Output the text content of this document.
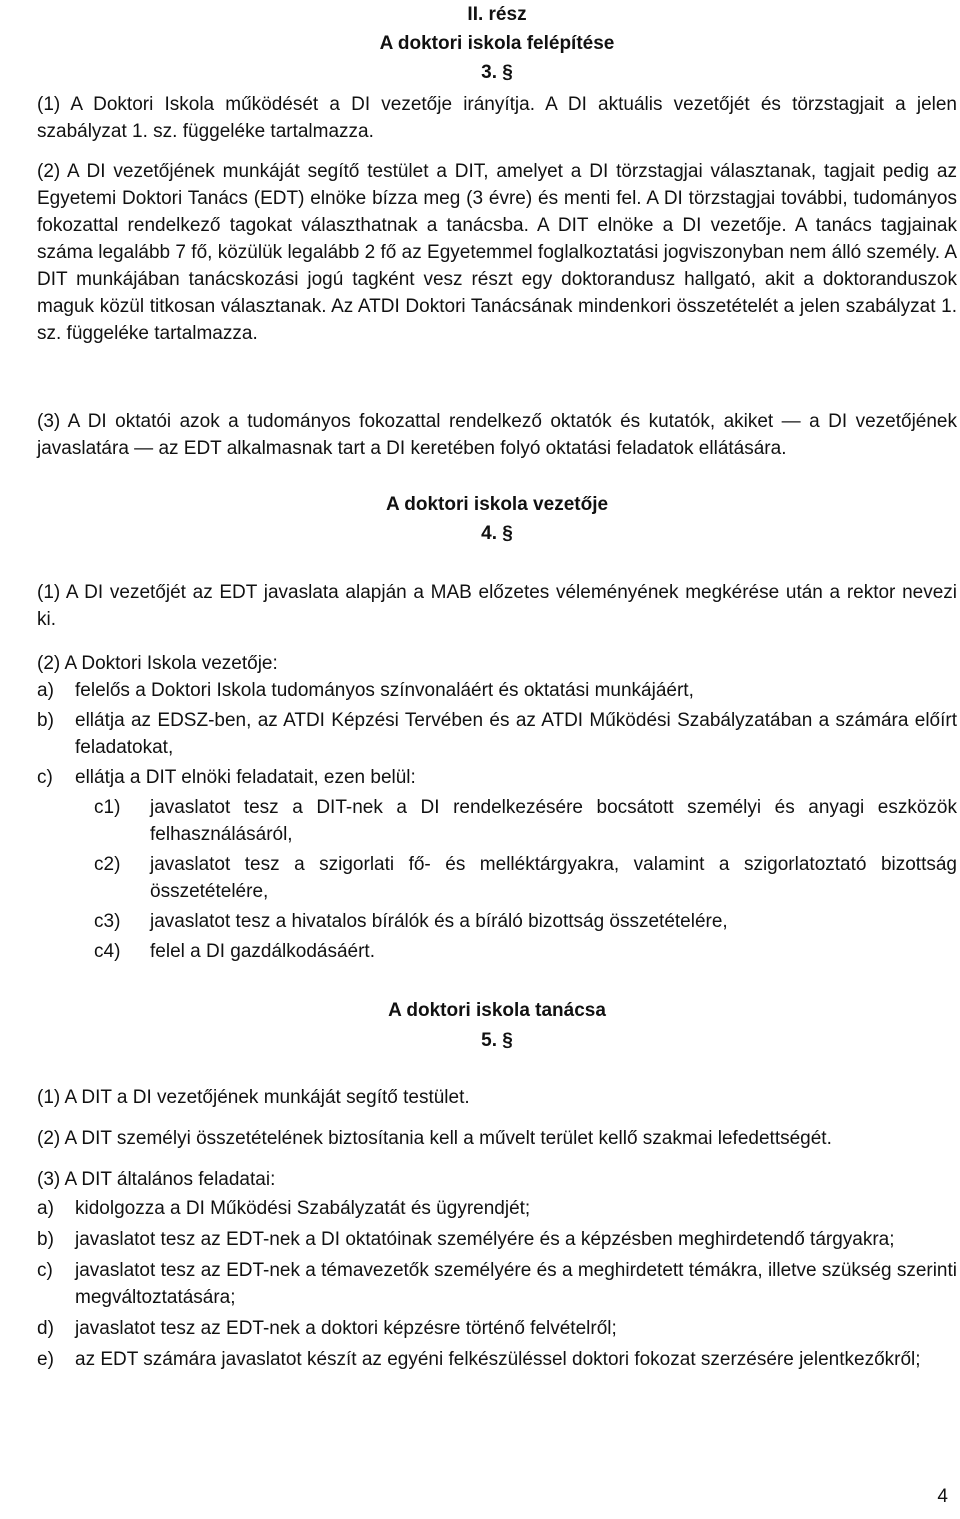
II. rész
A doktori iskola felépítése
3. §

(1) A Doktori Iskola működését a DI vezetője irányítja. A DI aktuális vezetőjét és törzstagjait a jelen szabályzat 1. sz. függeléke tartalmazza.

(2) A DI vezetőjének munkáját segítő testület a DIT, amelyet a DI törzstagjai választanak, tagjait pedig az Egyetemi Doktori Tanács (EDT) elnöke bízza meg (3 évre) és menti fel. A DI törzstagjai további, tudományos fokozattal rendelkező tagokat választhatnak a tanácsba. A DIT elnöke a DI vezetője. A tanács tagjainak száma legalább 7 fő, közülük legalább 2 fő az Egyetemmel foglalkoztatási jogviszonyban nem álló személy. A DIT munkájában tanácskozási jogú tagként vesz részt egy doktorandusz hallgató, akit a doktoranduszok maguk közül titkosan választanak. Az ATDI Doktori Tanácsának mindenkori összetételét a jelen szabályzat 1. sz. függeléke tartalmazza.

(3) A DI oktatói azok a tudományos fokozattal rendelkező oktatók és kutatók, akiket — a DI vezetőjének javaslatára — az EDT alkalmasnak tart a DI keretében folyó oktatási feladatok ellátására.

A doktori iskola vezetője
4. §

(1) A DI vezetőjét az EDT javaslata alapján a MAB előzetes véleményének megkérése után a rektor nevezi ki.

(2) A Doktori Iskola vezetője:

a) felelős a Doktori Iskola tudományos színvonaláért és oktatási munkájáért,
b) ellátja az EDSZ-ben, az ATDI Képzési Tervében és az ATDI Működési Szabályzatában a számára előírt feladatokat,
c) ellátja a DIT elnöki feladatait, ezen belül:
c1) javaslatot tesz a DIT-nek a DI rendelkezésére bocsátott személyi és anyagi eszközök felhasználásáról,
c2) javaslatot tesz a szigorlati fő- és melléktárgyakra, valamint a szigorlatoztató bizottság összetételére,
c3) javaslatot tesz a hivatalos bírálók és a bíráló bizottság összetételére,
c4) felel a DI gazdálkodásáért.
A doktori iskola tanácsa
5. §

(1) A DIT a DI vezetőjének munkáját segítő testület.

(2) A DIT személyi összetételének biztosítania kell a művelt terület kellő szakmai lefedettségét.

(3) A DIT általános feladatai:

a) kidolgozza a DI Működési Szabályzatát és ügyrendjét;
b) javaslatot tesz az EDT-nek a DI oktatóinak személyére és a képzésben meghirdetendő tárgyakra;
c) javaslatot tesz az EDT-nek a témavezetők személyére és a meghirdetett témákra, illetve szükség szerinti megváltoztatására;
d) javaslatot tesz az EDT-nek a doktori képzésre történő felvételről;
e) az EDT számára javaslatot készít az egyéni felkészüléssel doktori fokozat szerzésére jelentkezőkről;
4
